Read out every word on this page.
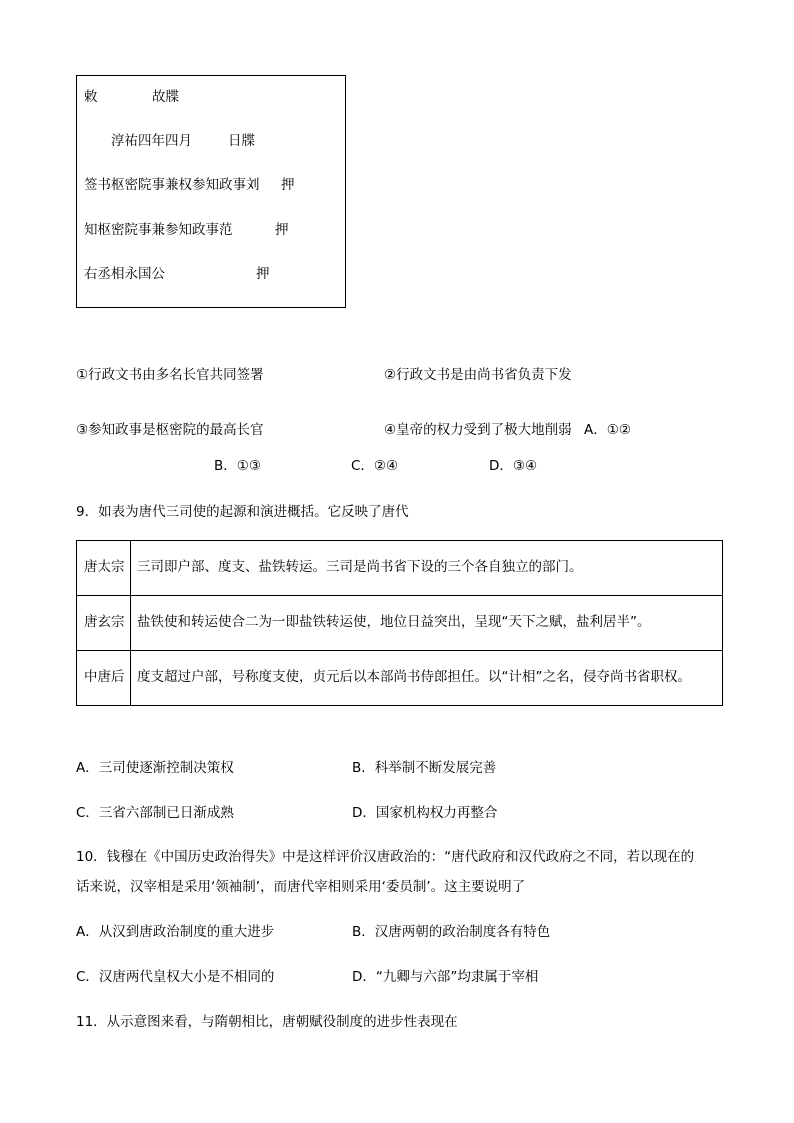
敕	故牒
淳祐四年四月	日牒
签书枢密院事兼权参知政事刘 押
知枢密院事兼参知政事范	押
右丞相永国公	押
①行政文书由多名长官共同签署	②行政文书是由尚书省负责下发
③参知政事是枢密院的最高长官	④皇帝的权力受到了极大地削弱 A．①②
B．①③	C．②④	D．③④
9．如表为唐代三司使的起源和演进概括。它反映了唐代
唐太宗	三司即户部、度支、盐铁转运。三司是尚书省下设的三个各自独立的部门。
唐玄宗	盐铁使和转运使合二为一即盐铁转运使，地位日益突出，呈现“天下之赋，盐利居半”。
中唐后	度支超过户部，号称度支使，贞元后以本部尚书侍郎担任。以“计相”之名，侵夺尚书省职权。
A．三司使逐渐控制决策权	B．科举制不断发展完善
C．三省六部制已日渐成熟	D．国家机构权力再整合
10．钱穆在《中国历史政治得失》中是这样评价汉唐政治的：“唐代政府和汉代政府之不同，若以现在的
话来说，汉宰相是采用‘领袖制’，而唐代宰相则采用‘委员制’。这主要说明了
A．从汉到唐政治制度的重大进步	B．汉唐两朝的政治制度各有特色
C．汉唐两代皇权大小是不相同的	D．“九卿与六部”均隶属于宰相
11．从示意图来看，与隋朝相比，唐朝赋役制度的进步性表现在
